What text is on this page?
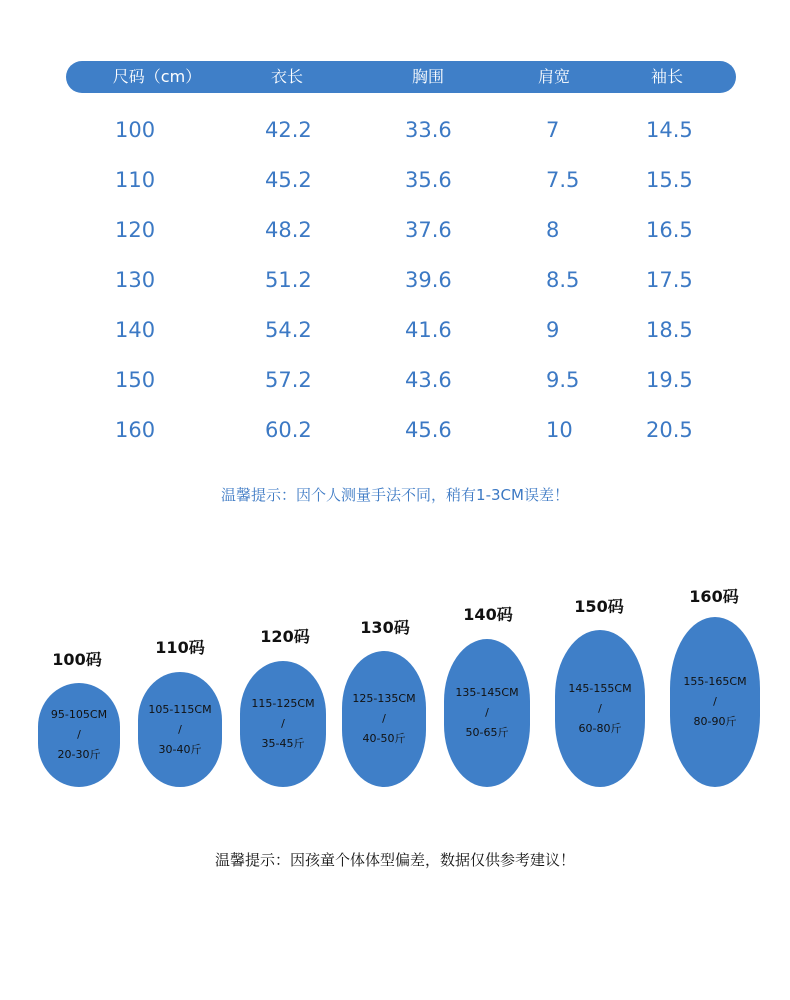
尺码（cm）	衣长	胸围	肩宽	袖长
100	42.2	33.6	7	14.5
110	45.2	35.6	7.5	15.5
120	48.2	37.6	8	16.5
130	51.2	39.6	8.5	17.5
140	54.2	41.6	9	18.5
150	57.2	43.6	9.5	19.5
160	60.2	45.6	10	20.5
温馨提示：因个人测量手法不同，稍有1-3CM误差！
100码
110码
120码	130码
140码	150码
160码
95-105CM
/
20-30斤
105-115CM
/
30-40斤
115-125CM
/
35-45斤
125-135CM
/
40-50斤
135-145CM
/
50-65斤
145-155CM
/
60-80斤
155-165CM
/
80-90斤
温馨提示：因孩童个体体型偏差，数据仅供参考建议！
